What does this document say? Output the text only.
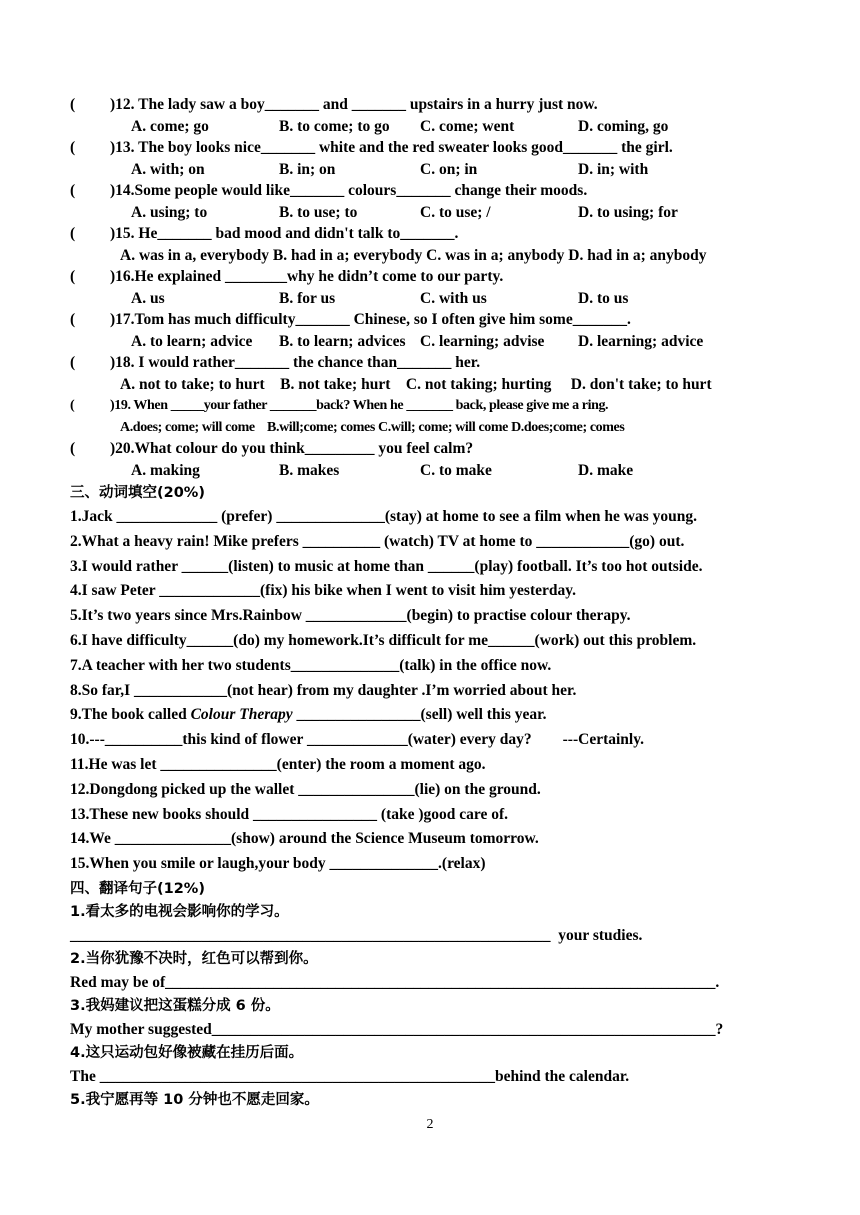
(	)12. The lady saw a boy_______ and _______ upstairs in a hurry just now.
A. come; go	B. to come; to go	C. come; went	D. coming, go
(	)13. The boy looks nice_______ white and the red sweater looks good_______ the girl.
A. with; on	B. in; on	C. on; in	D. in; with
(	)14.Some people would like_______ colours_______ change their moods.
A. using; to	B. to use; to	C. to use; /	D. to using; for
(	)15. He_______ bad mood and didn't talk to_______.
A. was in a, everybody B. had in a; everybody C. was in a; anybody D. had in a; anybody
(	)16.He explained ________why he didn’t come to our party.
A. us	B. for us	C. with us	D. to us
(	)17.Tom has much difficulty_______ Chinese, so I often give him some_______.
A. to learn; advice	B. to learn; advices C. learning; advise	D. learning; advice
(	)18. I would rather_______ the chance than_______ her.
A. not to take; to hurt    B. not take; hurt    C. not taking; hurting     D. don't take; to hurt
(	)19. When _____your father _______back? When he _______ back, please give me a ring.
A.does; come; will come    B.will;come; comes C.will; come; will come D.does;come; comes
(	)20.What colour do you think_________ you feel calm?
A. making	B. makes	C. to make	D. make
三、动词填空(20%)
1.Jack _____________ (prefer) ______________(stay) at home to see a film when he was young.
2.What a heavy rain! Mike prefers __________ (watch) TV at home to ____________(go) out.
3.I would rather ______(listen) to music at home than ______(play) football. It’s too hot outside.
4.I saw Peter _____________(fix) his bike when I went to visit him yesterday.
5.It’s two years since Mrs.Rainbow _____________(begin) to practise colour therapy.
6.I have difficulty______(do) my homework.It’s difficult for me______(work) out this problem.
7.A teacher with her two students______________(talk) in the office now.
8.So far,I ____________(not hear) from my daughter .I’m worried about her.
9.The book called Colour Therapy ________________(sell) well this year.
10.---__________this kind of flower _____________(water) every day?        ---Certainly.
11.He was let _______________(enter) the room a moment ago.
12.Dongdong picked up the wallet _______________(lie) on the ground.
13.These new books should ________________ (take )good care of.
14.We _______________(show) around the Science Museum tomorrow.
15.When you smile or laugh,your body ______________.(relax)
四、翻译句子(12%)
1.看太多的电视会影响你的学习。
______________________________________________________________  your studies.
2.当你犹豫不决时，红色可以帮到你。
Red may be of_______________________________________________________________________.
3.我妈建议把这蛋糕分成 6 份。
My mother suggested_________________________________________________________________?
4.这只运动包好像被藏在挂历后面。
The ___________________________________________________behind the calendar.
5.我宁愿再等 10 分钟也不愿走回家。
2
